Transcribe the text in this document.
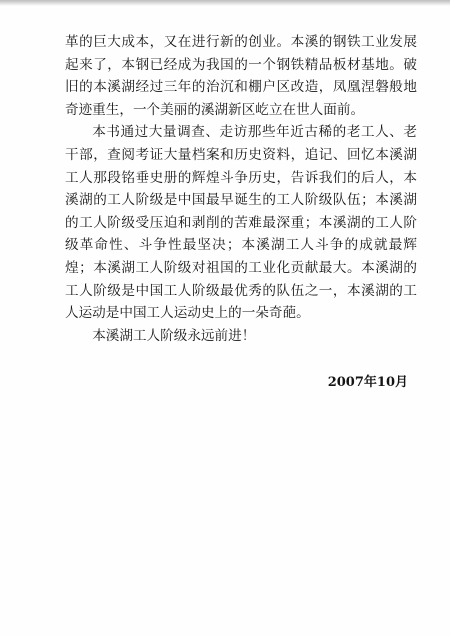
革的巨大成本，又在进行新的创业。本溪的钢铁工业发展起来了，本钢已经成为我国的一个钢铁精品板材基地。破旧的本溪湖经过三年的治沉和棚户区改造，凤凰涅磐般地奇迹重生，一个美丽的溪湖新区屹立在世人面前。

本书通过大量调查、走访那些年近古稀的老工人、老干部，查阅考证大量档案和历史资料，追记、回忆本溪湖工人那段铭垂史册的辉煌斗争历史，告诉我们的后人，本溪湖的工人阶级是中国最早诞生的工人阶级队伍；本溪湖的工人阶级受压迫和剥削的苦难最深重；本溪湖的工人阶级革命性、斗争性最坚决；本溪湖工人斗争的成就最辉煌；本溪湖工人阶级对祖国的工业化贡献最大。本溪湖的工人阶级是中国工人阶级最优秀的队伍之一，本溪湖的工人运动是中国工人运动史上的一朵奇葩。

本溪湖工人阶级永远前进！

2007年10月
